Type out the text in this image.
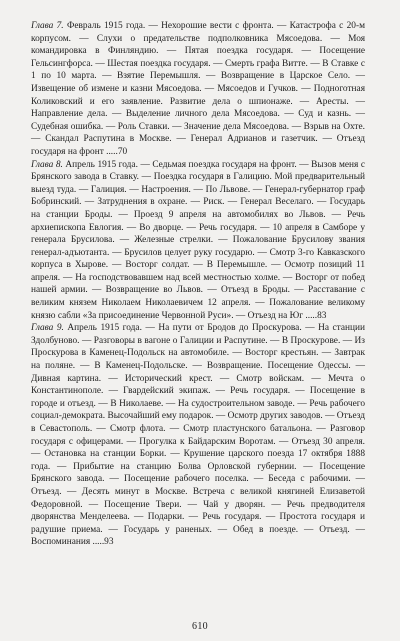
Глава 7. Февраль 1915 года. — Нехорошие вести с фронта. — Катастрофа с 20-м корпусом. — Слухи о предательстве подполковника Мясоедова. — Моя командировка в Финляндию. — Пятая поездка государя. — Посещение Гельсингфорса. — Шестая поездка государя. — Смерть графа Витте. — В Ставке с 1 по 10 марта. — Взятие Перемышля. — Возвращение в Царское Село. — Извещение об измене и казни Мясоедова. — Мясоедов и Гучков. — Подноготная Коликовский и его заявление. Развитие дела о шпионаже. — Аресты. — Направление дела. — Выделение личного дела Мясоедова. — Суд и казнь. — Судебная ошибка. — Роль Ставки. — Значение дела Мясоедова. — Взрыв на Охте. — Скандал Распутина в Москве. — Генерал Адрианов и газетчик. — Отъезд государя на фронт .....70

Глава 8. Апрель 1915 года. — Седьмая поездка государя на фронт. — Вызов меня с Брянского завода в Ставку. — Поездка государя в Галицию. Мой предварительный выезд туда. — Галиция. — Настроения. — По Львове. — Генерал-губернатор граф Бобринский. — Затруднения в охране. — Риск. — Генерал Веселаго. — Государь на станции Броды. — Проезд 9 апреля на автомобилях во Львов. — Речь архиепископа Евлогия. — Во дворце. — Речь государя. — 10 апреля в Самборе у генерала Брусилова. — Железные стрелки. — Пожалование Брусилову звания генерал-адъютанта. — Брусилов целует руку государю. — Смотр 3-го Кавказского корпуса в Хырове. — Восторг солдат. — В Перемышле. — Осмотр позиций 11 апреля. — На господствовавшем над всей местностью холме. — Восторг от побед нашей армии. — Возвращение во Львов. — Отъезд в Броды. — Расставание с великим князем Николаем Николаевичем 12 апреля. — Пожалование великому князю сабли «За присоединение Червонной Руси». — Отъезд на Юг .....83

Глава 9. Апрель 1915 года. — На пути от Бродов до Проскурова. — На станции Здолбуново. — Разговоры в вагоне о Галиции и Распутине. — В Проскурове. — Из Проскурова в Каменец-Подольск на автомобиле. — Восторг крестьян. — Завтрак на поляне. — В Каменец-Подольске. — Возвращение. Посещение Одессы. — Дивная картина. — Исторический крест. — Смотр войскам. — Мечта о Константинополе. — Гвардейский экипаж. — Речь государя. — Посещение в городе и отъезд. — В Николаеве. — На судостроительном заводе. — Речь рабочего социал-демократа. Высочайший ему подарок. — Осмотр других заводов. — Отъезд в Севастополь. — Смотр флота. — Смотр пластунского батальона. — Разговор государя с офицерами. — Прогулка к Байдарским Воротам. — Отъезд 30 апреля. — Остановка на станции Борки. — Крушение царского поезда 17 октября 1888 года. — Прибытие на станцию Болва Орловской губернии. — Посещение Брянского завода. — Посещение рабочего поселка. — Беседа с рабочими. — Отъезд. — Десять минут в Москве. Встреча с великой княгиней Елизаветой Федоровной. — Посещение Твери. — Чай у дворян. — Речь предводителя дворянства Менделеева. — Подарки. — Речь государя. — Простота государя и радушие приема. — Государь у раненых. — Обед в поезде. — Отъезд. — Воспоминания .....93

610
